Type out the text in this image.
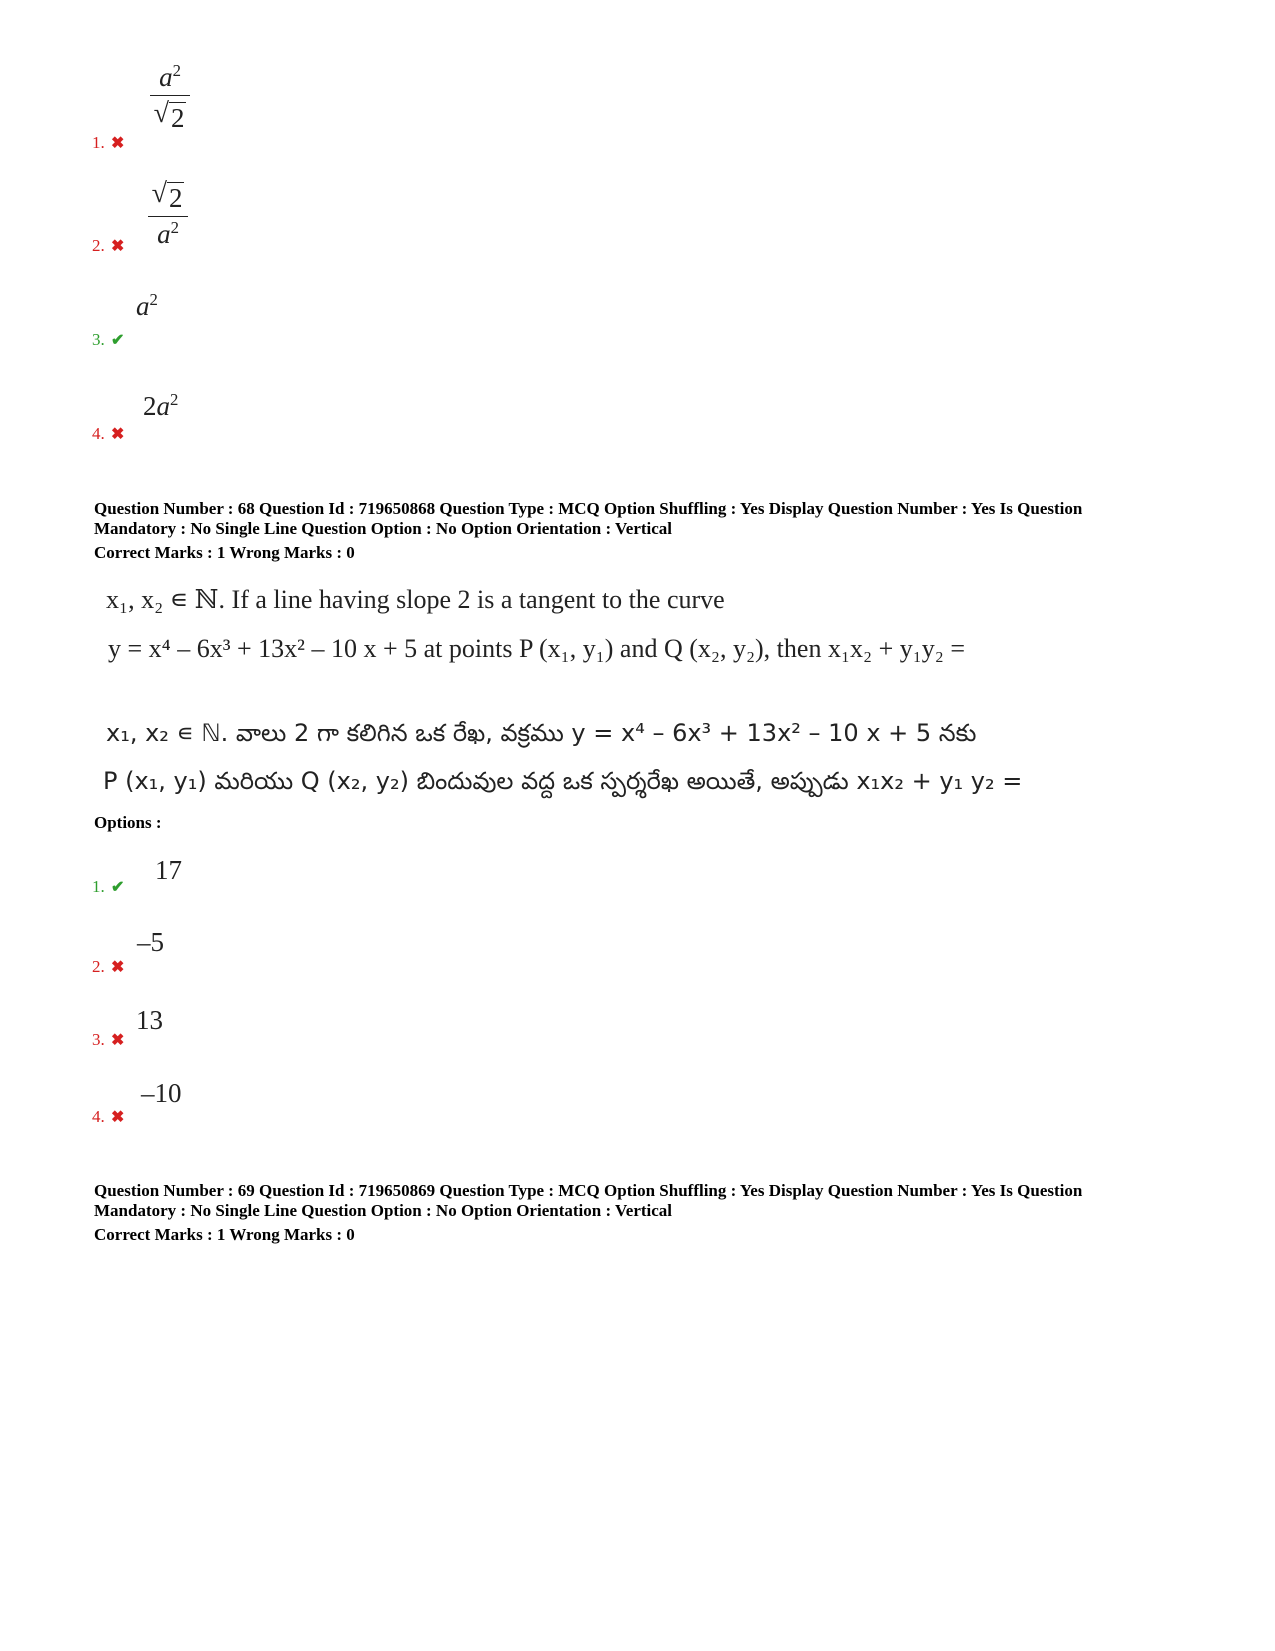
$\frac{a^2}{√ 2}$
1. ✖
$\frac{√ 2}{a^2}$
2. ✖
$a^2$
3. ✔
$2a^2$
4. ✖
Question Number : 68 Question Id : 719650868 Question Type : MCQ Option Shuffling : Yes Display Question Number : Yes Is Question
Mandatory : No Single Line Question Option : No Option Orientation : Vertical
Correct Marks : 1 Wrong Marks : 0
x₁, x₂ ∊ ℕ. If a line having slope 2 is a tangent to the curve
y = x⁴ – 6x³ + 13x² – 10 x + 5 at points P (x₁, y₁) and Q (x₂, y₂), then x₁x₂ + y₁y₂ =
x₁, x₂ ∊ ℕ. వాలు 2 గా కలిగిన ఒక రేఖ, వక్రము y = x⁴ – 6x³ + 13x² – 10 x + 5 నకు
P (x₁, y₁) మరియు Q (x₂, y₂) బిందువుల వద్ద ఒక స్పర్శరేఖ అయితే, అప్పుడు x₁x₂ + y₁ y₂ =
Options :
17
1. ✔
–5
2. ✖
13
3. ✖
–10
4. ✖
Question Number : 69 Question Id : 719650869 Question Type : MCQ Option Shuffling : Yes Display Question Number : Yes Is Question
Mandatory : No Single Line Question Option : No Option Orientation : Vertical
Correct Marks : 1 Wrong Marks : 0
